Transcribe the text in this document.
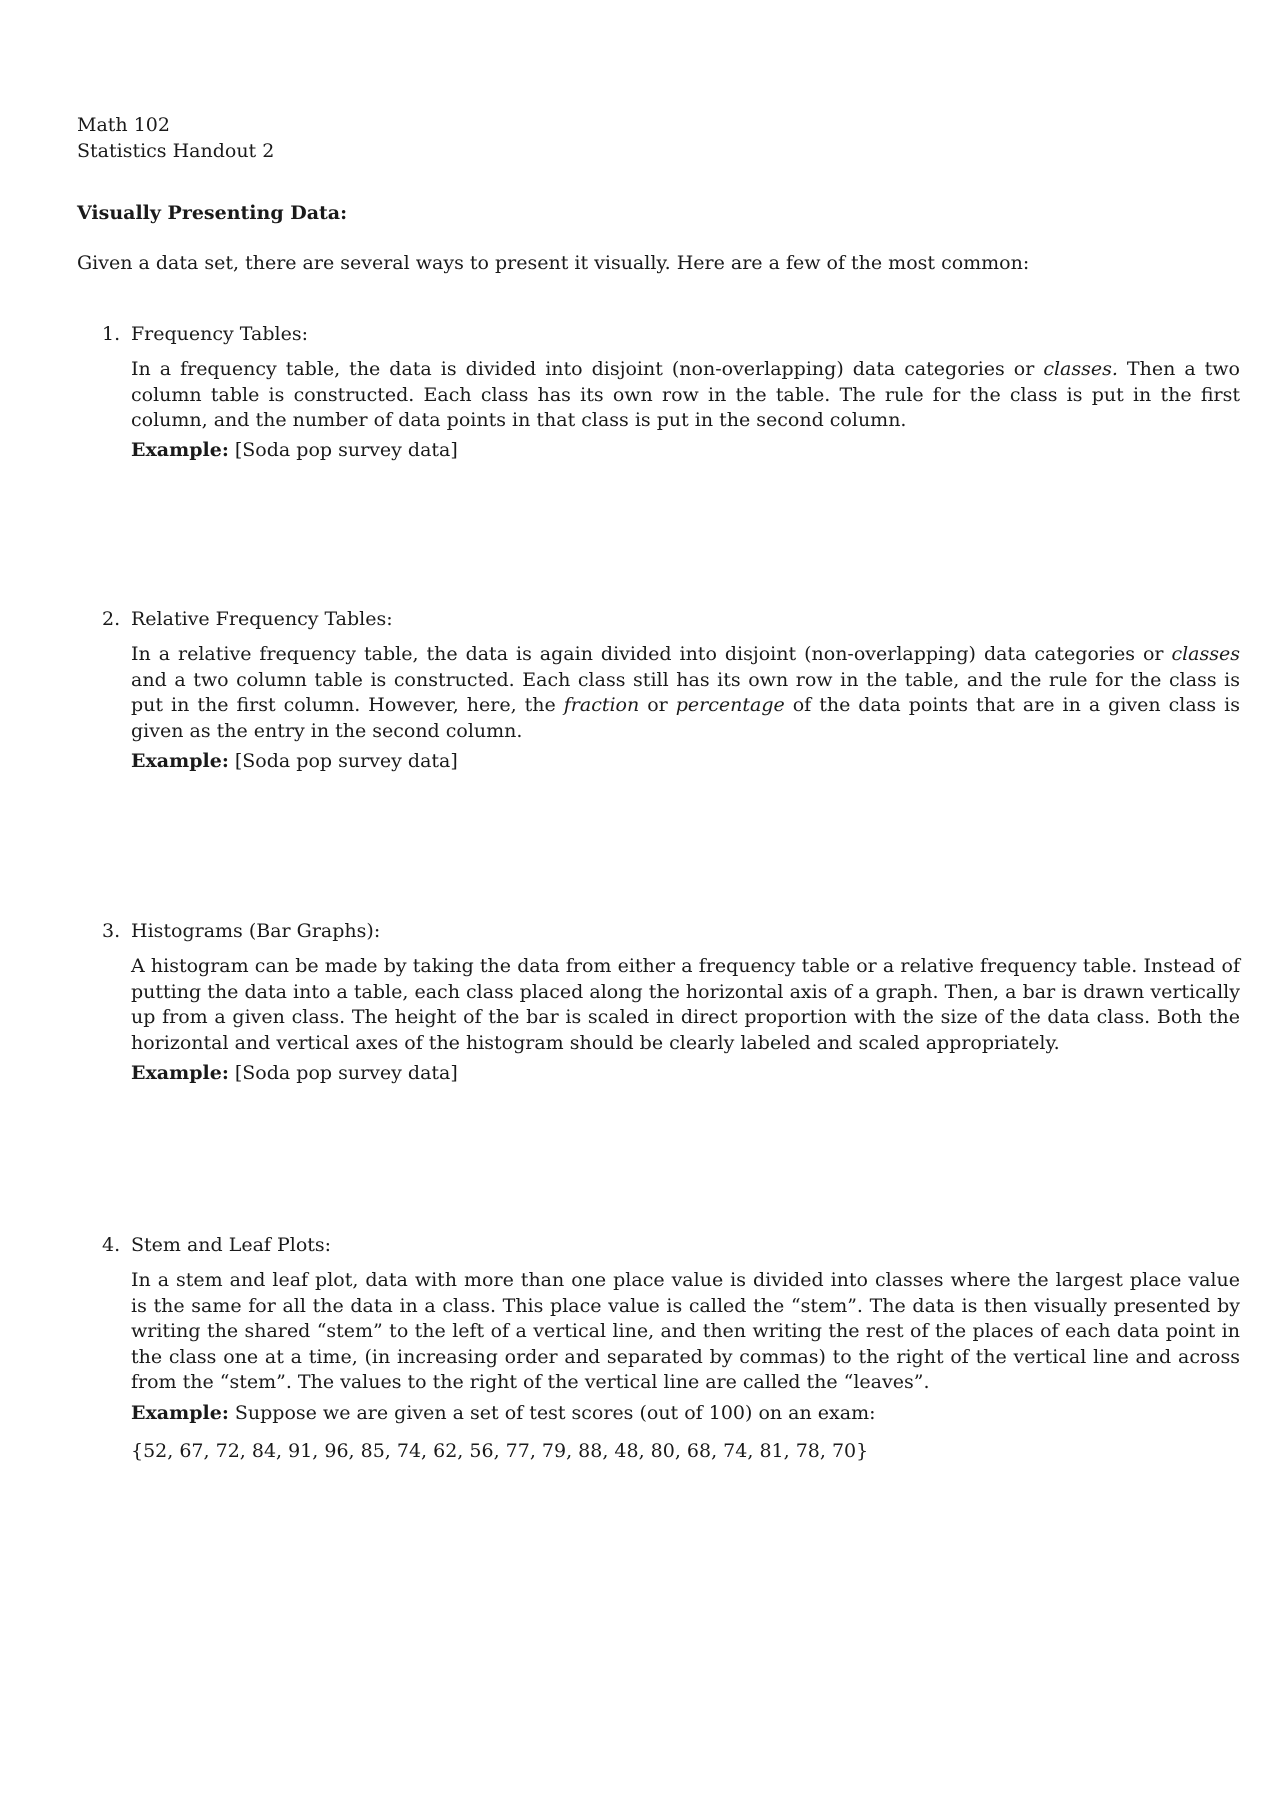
Math 102
Statistics Handout 2
Visually Presenting Data:
Given a data set, there are several ways to present it visually. Here are a few of the most common:
1. Frequency Tables:
In a frequency table, the data is divided into disjoint (non-overlapping) data categories or classes. Then a two column table is constructed. Each class has its own row in the table. The rule for the class is put in the first column, and the number of data points in that class is put in the second column.
Example: [Soda pop survey data]
2. Relative Frequency Tables:
In a relative frequency table, the data is again divided into disjoint (non-overlapping) data categories or classes and a two column table is constructed. Each class still has its own row in the table, and the rule for the class is put in the first column. However, here, the fraction or percentage of the data points that are in a given class is given as the entry in the second column.
Example: [Soda pop survey data]
3. Histograms (Bar Graphs):
A histogram can be made by taking the data from either a frequency table or a relative frequency table. Instead of putting the data into a table, each class placed along the horizontal axis of a graph. Then, a bar is drawn vertically up from a given class. The height of the bar is scaled in direct proportion with the size of the data class. Both the horizontal and vertical axes of the histogram should be clearly labeled and scaled appropriately.
Example: [Soda pop survey data]
4. Stem and Leaf Plots:
In a stem and leaf plot, data with more than one place value is divided into classes where the largest place value is the same for all the data in a class. This place value is called the “stem”. The data is then visually presented by writing the shared “stem” to the left of a vertical line, and then writing the rest of the places of each data point in the class one at a time, (in increasing order and separated by commas) to the right of the vertical line and across from the “stem”. The values to the right of the vertical line are called the “leaves”.
Example: Suppose we are given a set of test scores (out of 100) on an exam:
{52, 67, 72, 84, 91, 96, 85, 74, 62, 56, 77, 79, 88, 48, 80, 68, 74, 81, 78, 70}
